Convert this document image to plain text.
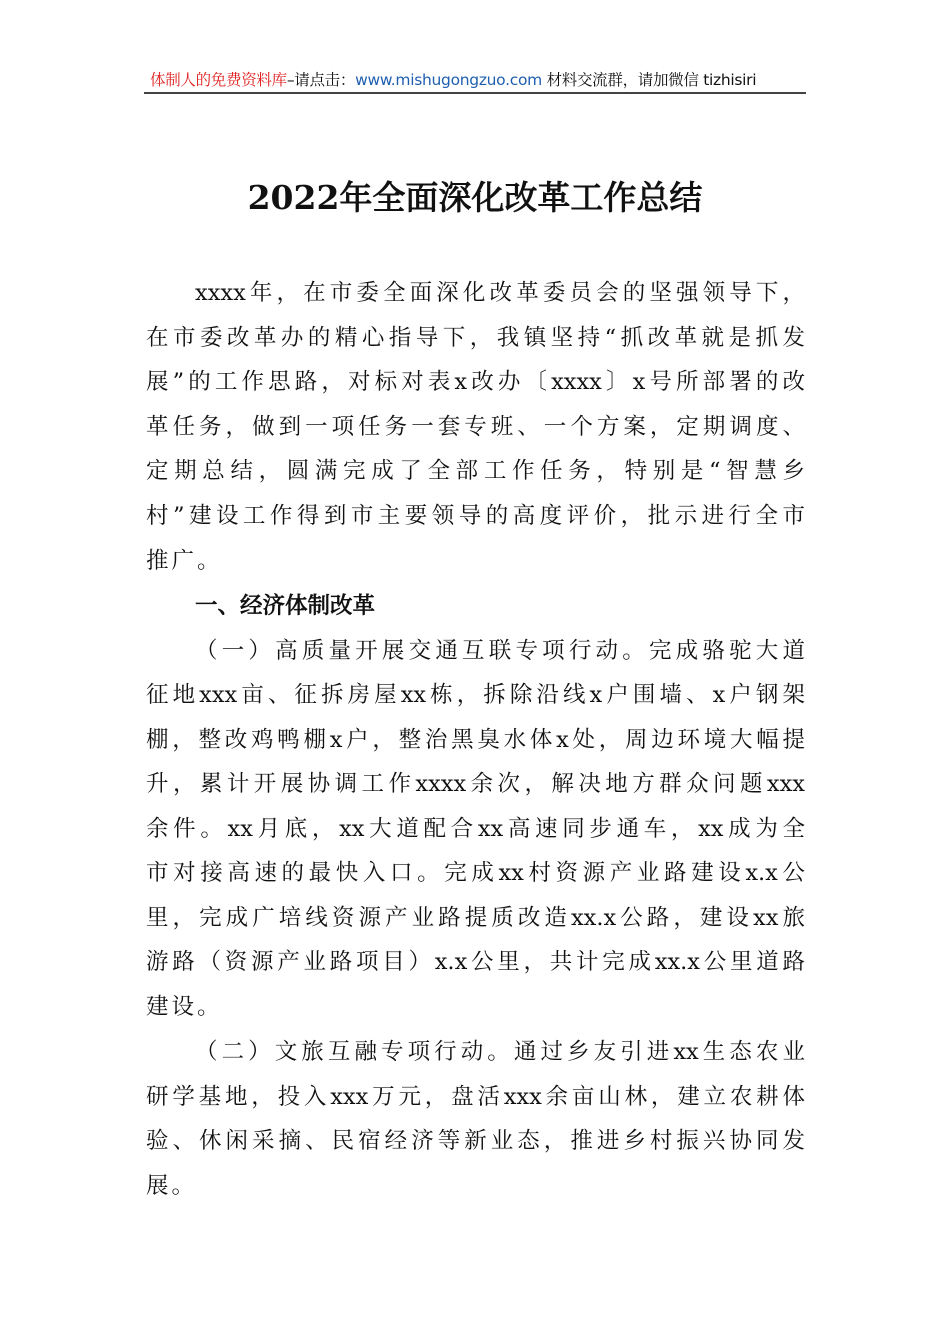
体制人的免费资料库–请点击：www.mishugongzuo.com 材料交流群，请加微信 tizhisiri
2022年全面深化改革工作总结
xxxx年，在市委全面深化改革委员会的坚强领导下，
在市委改革办的精心指导下，我镇坚持“抓改革就是抓发
展”的工作思路，对标对表x改办〔xxxx〕x号所部署的改
革任务，做到一项任务一套专班、一个方案，定期调度、
定期总结，圆满完成了全部工作任务，特别是“智慧乡
村”建设工作得到市主要领导的高度评价，批示进行全市
推广。
一、经济体制改革
（一）高质量开展交通互联专项行动。完成骆驼大道
征地xxx亩、征拆房屋xx栋，拆除沿线x户围墙、x户钢架
棚，整改鸡鸭棚x户，整治黑臭水体x处，周边环境大幅提
升，累计开展协调工作xxxx余次，解决地方群众问题xxx
余件。xx月底，xx大道配合xx高速同步通车，xx成为全
市对接高速的最快入口。完成xx村资源产业路建设x.x公
里，完成广培线资源产业路提质改造xx.x公路，建设xx旅
游路（资源产业路项目）x.x公里，共计完成xx.x公里道路
建设。
（二）文旅互融专项行动。通过乡友引进xx生态农业
研学基地，投入xxx万元，盘活xxx余亩山林，建立农耕体
验、休闲采摘、民宿经济等新业态，推进乡村振兴协同发
展。
